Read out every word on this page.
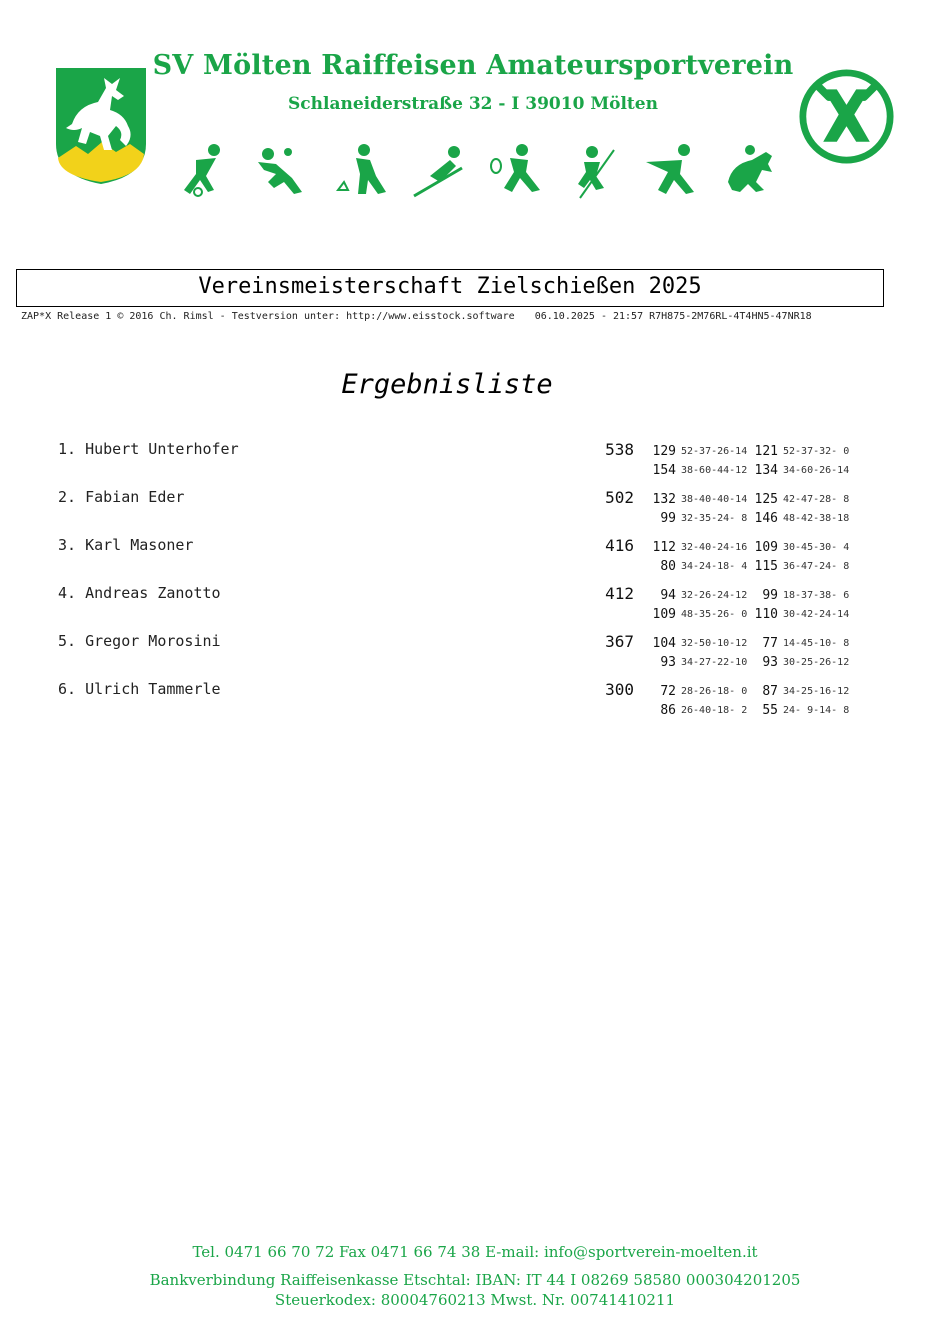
SV Mölten Raiffeisen Amateursportverein
Schlaneiderstraße 32 - I 39010 Mölten
Vereinsmeisterschaft Zielschießen 2025
ZAP*X Release 1 © 2016 Ch. Rimsl - Testversion unter: http://www.eisstock.software 06.10.2025 - 21:57 R7H875-2M76RL-4T4HN5-47NR18
Ergebnisliste
1. Hubert Unterhofer	538	129 52-37-26-14 121 52-37-32- 0
154 38-60-44-12 134 34-60-26-14
2. Fabian Eder	502	132 38-40-40-14 125 42-47-28- 8
99 32-35-24- 8 146 48-42-38-18
3. Karl Masoner	416	112 32-40-24-16 109 30-45-30- 4
80 34-24-18- 4 115 36-47-24- 8
4. Andreas Zanotto	412	94 32-26-24-12	99 18-37-38- 6
109 48-35-26- 0 110 30-42-24-14
5. Gregor Morosini	367	104 32-50-10-12	77 14-45-10- 8
93 34-27-22-10	93 30-25-26-12
6. Ulrich Tammerle	300	72 28-26-18- 0	87 34-25-16-12
86 26-40-18- 2	55 24- 9-14- 8
Tel. 0471 66 70 72 Fax 0471 66 74 38 E-mail: info@sportverein-moelten.it
Bankverbindung Raiffeisenkasse Etschtal: IBAN: IT 44 I 08269 58580 000304201205
Steuerkodex: 80004760213 Mwst. Nr. 00741410211
